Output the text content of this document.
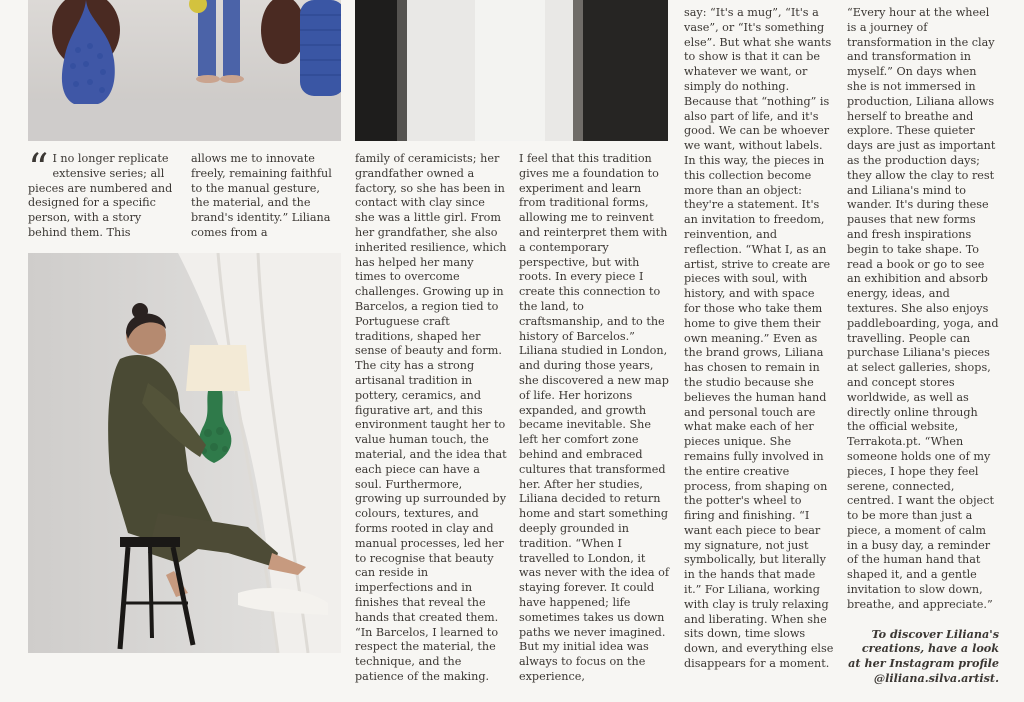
“ I no longer replicate extensive series; all pieces are numbered and designed for a specific person, with a story behind them. This

allows me to innovate freely, remaining faithful to the manual gesture, the material, and the brand's identity.” Liliana comes from a

family of ceramicists; her grandfather owned a factory, so she has been in contact with clay since she was a little girl. From her grandfather, she also inherited resilience, which has helped her many times to overcome challenges. Growing up in Barcelos, a region tied to Portuguese craft traditions, shaped her sense of beauty and form. The city has a strong artisanal tradition in pottery, ceramics, and figurative art, and this environment taught her to value human touch, the material, and the idea that each piece can have a soul. Furthermore, growing up surrounded by colours, textures, and forms rooted in clay and manual processes, led her to recognise that beauty can reside in imperfections and in finishes that reveal the hands that created them. “In Barcelos, I learned to respect the material, the technique, and the patience of the making.

I feel that this tradition gives me a foundation to experiment and learn from traditional forms, allowing me to reinvent and reinterpret them with a contemporary perspective, but with roots. In every piece I create this connection to the land, to craftsmanship, and to the history of Barcelos.” Liliana studied in London, and during those years, she discovered a new map of life. Her horizons expanded, and growth became inevitable. She left her comfort zone behind and embraced cultures that transformed her. After her studies, Liliana decided to return home and start something deeply grounded in tradition. “When I travelled to London, it was never with the idea of staying forever. It could have happened; life sometimes takes us down paths we never imagined. But my initial idea was always to focus on the experience,

say: “It's a mug”, “It's a vase”, or “It's something else”. But what she wants to show is that it can be whatever we want, or simply do nothing. Because that “nothing” is also part of life, and it's good. We can be whoever we want, without labels. In this way, the pieces in this collection become more than an object: they're a statement. It's an invitation to freedom, reinvention, and reflection. “What I, as an artist, strive to create are pieces with soul, with history, and with space for those who take them home to give them their own meaning.” Even as the brand grows, Liliana has chosen to remain in the studio because she believes the human hand and personal touch are what make each of her pieces unique. She remains fully involved in the entire creative process, from shaping on the potter's wheel to firing and finishing. “I want each piece to bear my signature, not just symbolically, but literally in the hands that made it.” For Liliana, working with clay is truly relaxing and liberating. When she sits down, time slows down, and everything else disappears for a moment.

“Every hour at the wheel is a journey of transformation in the clay and transformation in myself.” On days when she is not immersed in production, Liliana allows herself to breathe and explore. These quieter days are just as important as the production days; they allow the clay to rest and Liliana's mind to wander. It's during these pauses that new forms and fresh inspirations begin to take shape. To read a book or go to see an exhibition and absorb energy, ideas, and textures. She also enjoys paddleboarding, yoga, and travelling. People can purchase Liliana's pieces at select galleries, shops, and concept stores worldwide, as well as directly online through the official website, Terrakota.pt. “When someone holds one of my pieces, I hope they feel serene, connected, centred. I want the object to be more than just a piece, a moment of calm in a busy day, a reminder of the human hand that shaped it, and a gentle invitation to slow down, breathe, and appreciate.”

To discover Liliana's creations, have a look at her Instagram profile @liliana.silva.artist.
